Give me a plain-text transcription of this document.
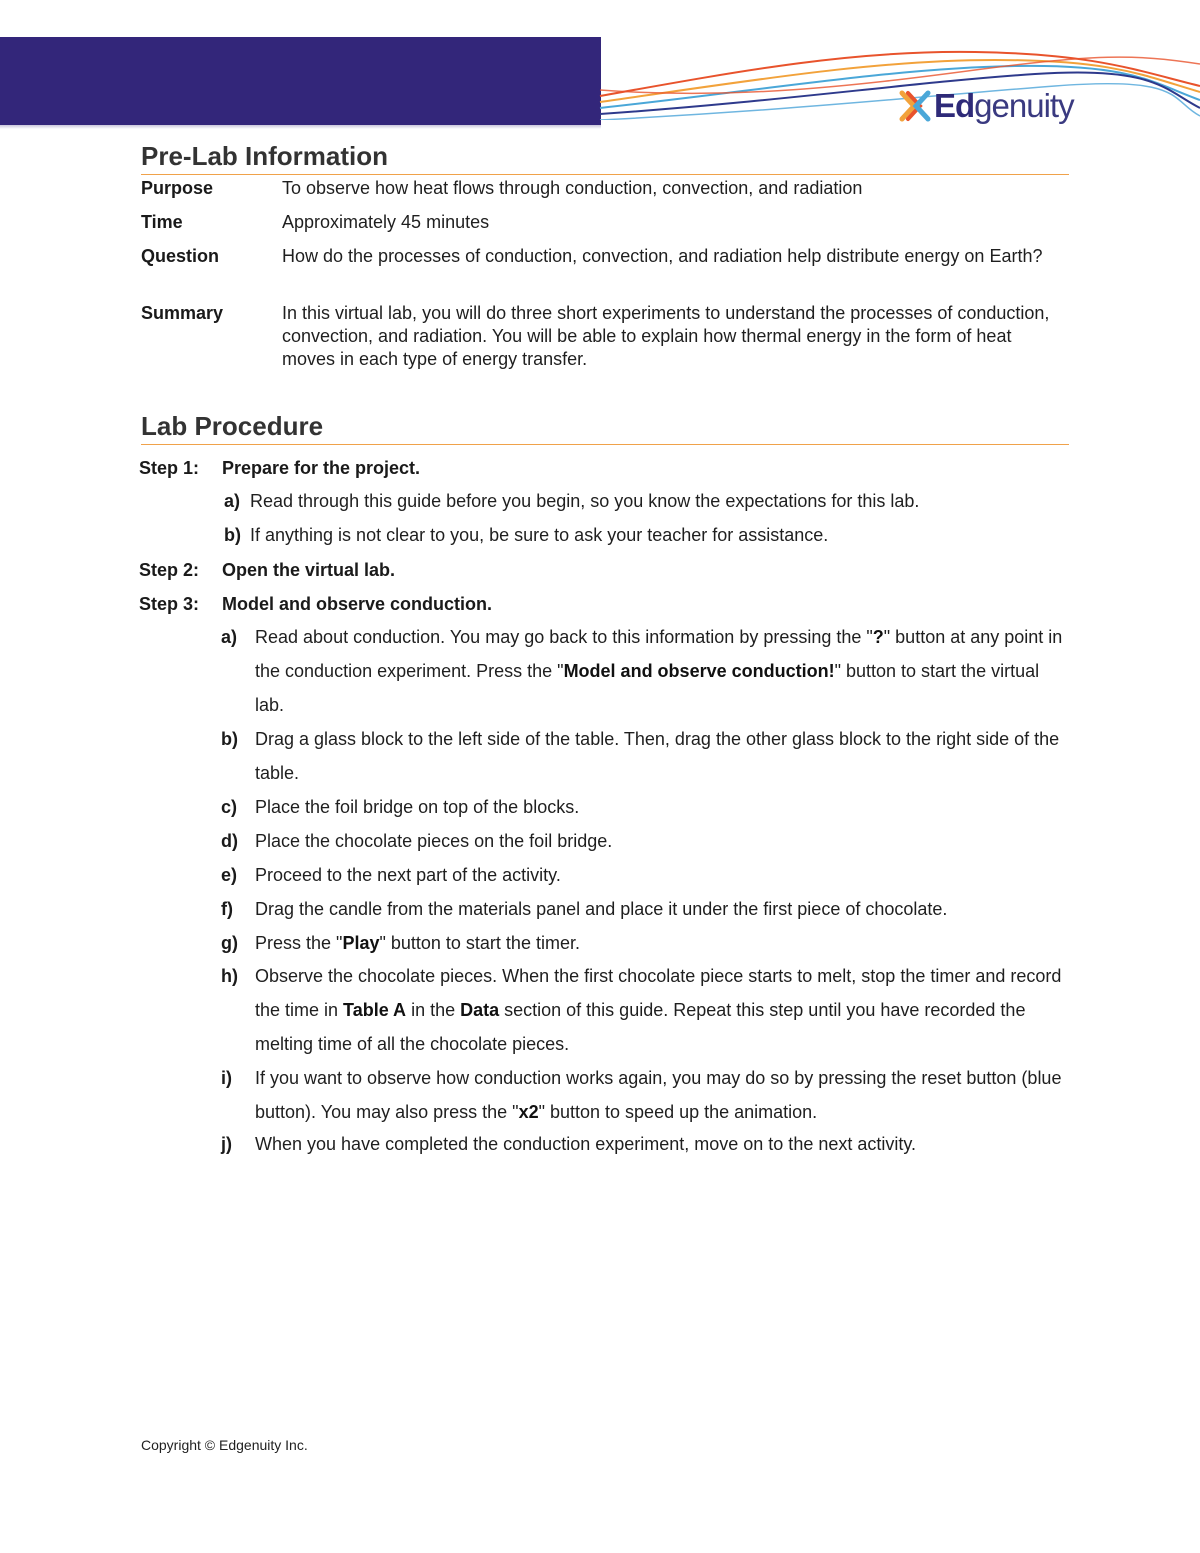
Edgenuity
Pre-Lab Information
Purpose	To observe how heat flows through conduction, convection, and radiation
Time	Approximately 45 minutes
Question	How do the processes of conduction, convection, and radiation help distribute energy on Earth?
Summary	In this virtual lab, you will do three short experiments to understand the processes of conduction, convection, and radiation. You will be able to explain how thermal energy in the form of heat moves in each type of energy transfer.
Lab Procedure
Step 1: Prepare for the project.
a) Read through this guide before you begin, so you know the expectations for this lab.
b) If anything is not clear to you, be sure to ask your teacher for assistance.
Step 2: Open the virtual lab.
Step 3: Model and observe conduction.
a) Read about conduction. You may go back to this information by pressing the "?" button at any point in the conduction experiment. Press the "Model and observe conduction!" button to start the virtual lab.
b) Drag a glass block to the left side of the table. Then, drag the other glass block to the right side of the table.
c) Place the foil bridge on top of the blocks.
d) Place the chocolate pieces on the foil bridge.
e) Proceed to the next part of the activity.
f) Drag the candle from the materials panel and place it under the first piece of chocolate.
g) Press the "Play" button to start the timer.
h) Observe the chocolate pieces. When the first chocolate piece starts to melt, stop the timer and record the time in Table A in the Data section of this guide. Repeat this step until you have recorded the melting time of all the chocolate pieces.
i) If you want to observe how conduction works again, you may do so by pressing the reset button (blue button). You may also press the "x2" button to speed up the animation.
j) When you have completed the conduction experiment, move on to the next activity.
Copyright © Edgenuity Inc.
